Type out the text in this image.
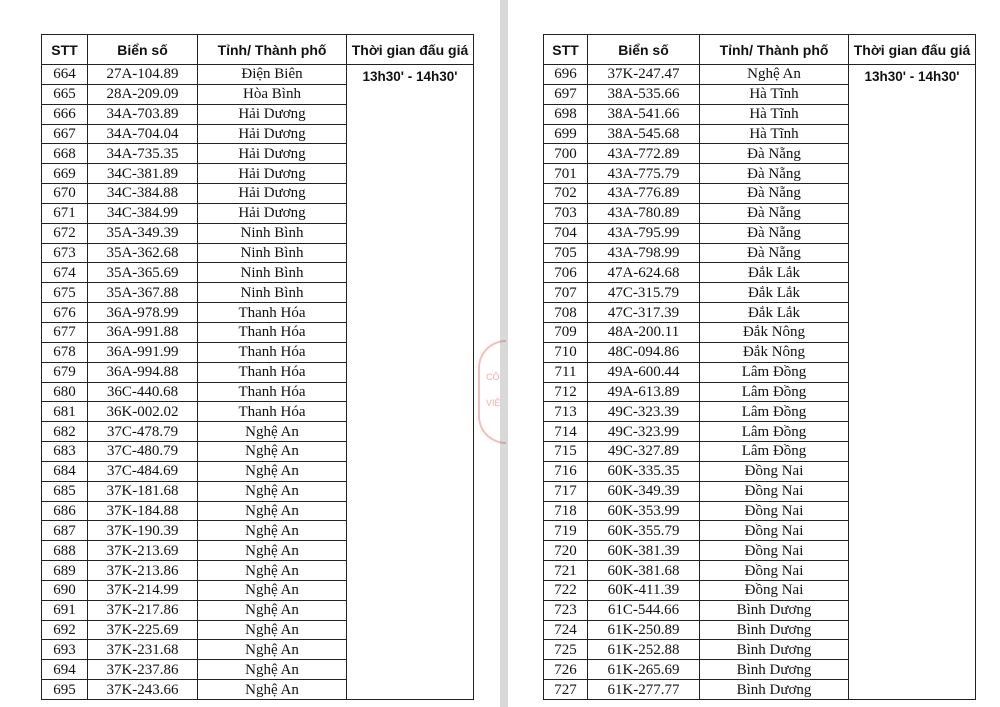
STT	Biển số	Tỉnh/ Thành phố	Thời gian đấu giá
664	27A-104.89	Điện Biên	13h30' - 14h30'
665	28A-209.09	Hòa Bình	
666	34A-703.89	Hải Dương	
667	34A-704.04	Hải Dương	
668	34A-735.35	Hải Dương	
669	34C-381.89	Hải Dương	
670	34C-384.88	Hải Dương	
671	34C-384.99	Hải Dương	
672	35A-349.39	Ninh Bình	
673	35A-362.68	Ninh Bình	
674	35A-365.69	Ninh Bình	
675	35A-367.88	Ninh Bình	
676	36A-978.99	Thanh Hóa	
677	36A-991.88	Thanh Hóa	
678	36A-991.99	Thanh Hóa	
679	36A-994.88	Thanh Hóa	
680	36C-440.68	Thanh Hóa	
681	36K-002.02	Thanh Hóa	
682	37C-478.79	Nghệ An	
683	37C-480.79	Nghệ An	
684	37C-484.69	Nghệ An	
685	37K-181.68	Nghệ An	
686	37K-184.88	Nghệ An	
687	37K-190.39	Nghệ An	
688	37K-213.69	Nghệ An	
689	37K-213.86	Nghệ An	
690	37K-214.99	Nghệ An	
691	37K-217.86	Nghệ An	
692	37K-225.69	Nghệ An	
693	37K-231.68	Nghệ An	
694	37K-237.86	Nghệ An	
695	37K-243.66	Nghệ An	
CÔ
VIỆ
STT	Biển số	Tỉnh/ Thành phố	Thời gian đấu giá
696	37K-247.47	Nghệ An	13h30' - 14h30'
697	38A-535.66	Hà Tĩnh	
698	38A-541.66	Hà Tĩnh	
699	38A-545.68	Hà Tĩnh	
700	43A-772.89	Đà Nẵng	
701	43A-775.79	Đà Nẵng	
702	43A-776.89	Đà Nẵng	
703	43A-780.89	Đà Nẵng	
704	43A-795.99	Đà Nẵng	
705	43A-798.99	Đà Nẵng	
706	47A-624.68	Đắk Lắk	
707	47C-315.79	Đắk Lắk	
708	47C-317.39	Đắk Lắk	
709	48A-200.11	Đắk Nông	
710	48C-094.86	Đắk Nông	
711	49A-600.44	Lâm Đồng	
712	49A-613.89	Lâm Đồng	
713	49C-323.39	Lâm Đồng	
714	49C-323.99	Lâm Đồng	
715	49C-327.89	Lâm Đồng	
716	60K-335.35	Đồng Nai	
717	60K-349.39	Đồng Nai	
718	60K-353.99	Đồng Nai	
719	60K-355.79	Đồng Nai	
720	60K-381.39	Đồng Nai	
721	60K-381.68	Đồng Nai	
722	60K-411.39	Đồng Nai	
723	61C-544.66	Bình Dương	
724	61K-250.89	Bình Dương	
725	61K-252.88	Bình Dương	
726	61K-265.69	Bình Dương	
727	61K-277.77	Bình Dương	
